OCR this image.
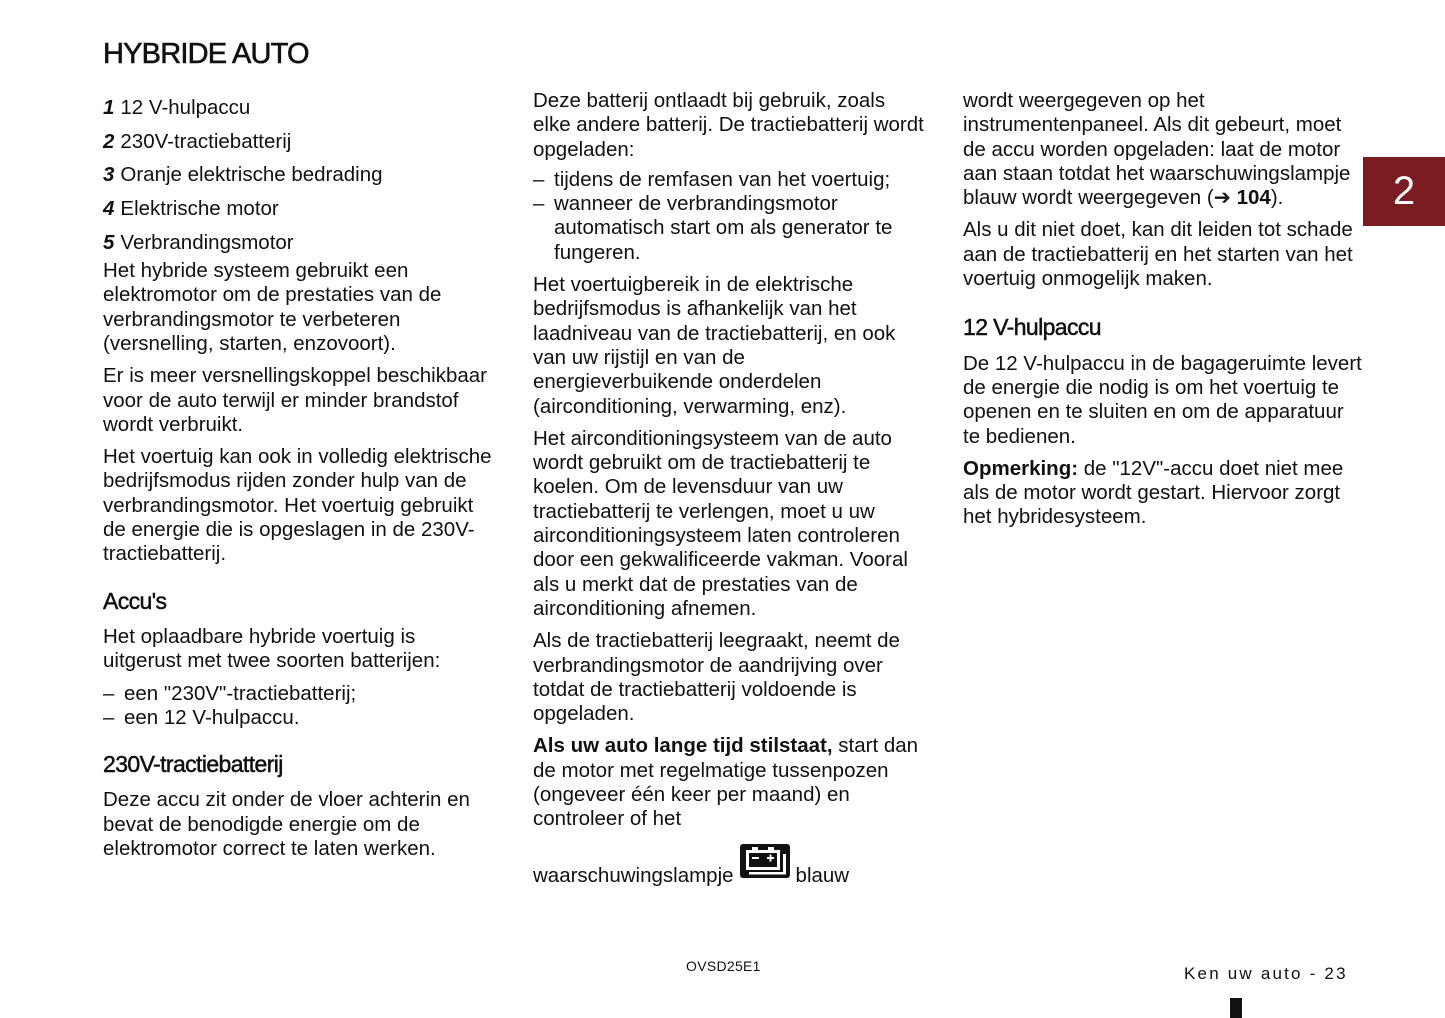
HYBRIDE AUTO
1 12 V-hulpaccu
2 230V-tractiebatterij
3 Oranje elektrische bedrading
4 Elektrische motor
5 Verbrandingsmotor

Het hybride systeem gebruikt een elektromotor om de prestaties van de verbrandingsmotor te verbeteren (versnelling, starten, enzovoort).

Er is meer versnellingskoppel beschikbaar voor de auto terwijl er minder brandstof wordt verbruikt.

Het voertuig kan ook in volledig elektrische bedrijfsmodus rijden zonder hulp van de verbrandingsmotor. Het voertuig gebruikt de energie die is opgeslagen in de 230V-tractiebatterij.

Accu's

Het oplaadbare hybride voertuig is uitgerust met twee soorten batterijen:

– een "230V"-tractiebatterij;
– een 12 V-hulpaccu.
230V-tractiebatterij

Deze accu zit onder de vloer achterin en bevat de benodigde energie om de elektromotor correct te laten werken.

Deze batterij ontlaadt bij gebruik, zoals elke andere batterij. De tractiebatterij wordt opgeladen:

– tijdens de remfasen van het voertuig;
– wanneer de verbrandingsmotor automatisch start om als generator te fungeren.

Het voertuigbereik in de elektrische bedrijfsmodus is afhankelijk van het laadniveau van de tractiebatterij, en ook van uw rijstijl en van de energieverbuikende onderdelen (airconditioning, verwarming, enz).

Het airconditioningsysteem van de auto wordt gebruikt om de tractiebatterij te koelen. Om de levensduur van uw tractiebatterij te verlengen, moet u uw airconditioningsysteem laten controleren door een gekwalificeerde vakman. Vooral als u merkt dat de prestaties van de airconditioning afnemen.

Als de tractiebatterij leegraakt, neemt de verbrandingsmotor de aandrijving over totdat de tractiebatterij voldoende is opgeladen.

Als uw auto lange tijd stilstaat, start dan de motor met regelmatige tussenpozen (ongeveer één keer per maand) en controleer of het

waarschuwingslampje	blauw

wordt weergegeven op het instrumentenpaneel. Als dit gebeurt, moet de accu worden opgeladen: laat de motor aan staan totdat het waarschuwingslampje blauw wordt weergegeven (➔ 104).

Als u dit niet doet, kan dit leiden tot schade aan de tractiebatterij en het starten van het voertuig onmogelijk maken.

12 V-hulpaccu

De 12 V-hulpaccu in de bagageruimte levert de energie die nodig is om het voertuig te openen en te sluiten en om de apparatuur te bedienen.

Opmerking: de "12V"-accu doet niet mee als de motor wordt gestart. Hiervoor zorgt het hybridesysteem.

2
OVSD25E1	Ken uw auto - 23
